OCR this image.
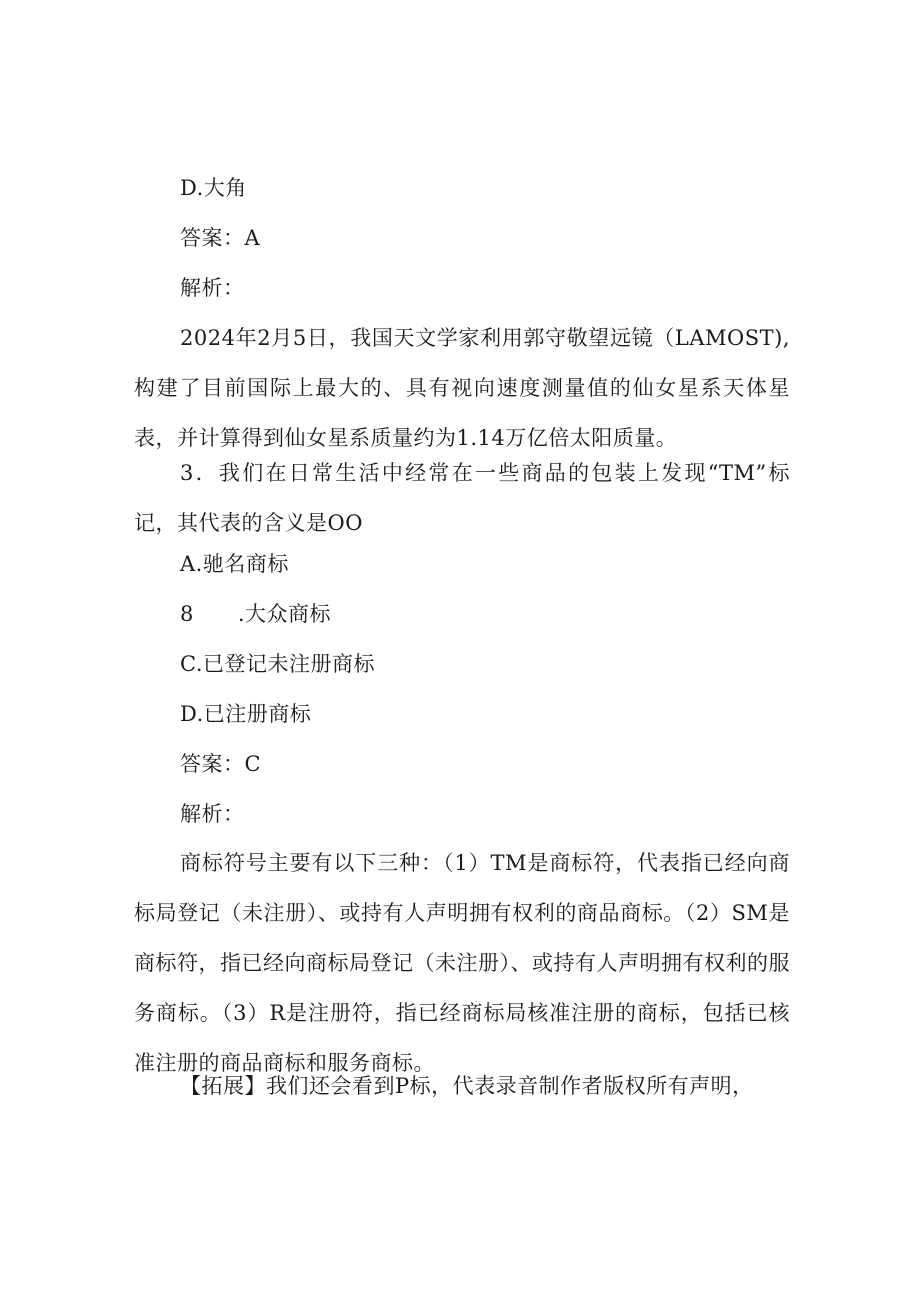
D.大角
答案：A
解析：
2024年2月5日，我国天文学家利用郭守敬望远镜（LAMOST),构建了目前国际上最大的、具有视向速度测量值的仙女星系天体星表，并计算得到仙女星系质量约为1.14万亿倍太阳质量。
3．我们在日常生活中经常在一些商品的包装上发现“TM”标记，其代表的含义是OO
A.驰名商标
8 .大众商标
C.已登记未注册商标
D.已注册商标
答案：C
解析：
商标符号主要有以下三种：（1）TM是商标符，代表指已经向商标局登记（未注册）、或持有人声明拥有权利的商品商标。（2）SM是商标符，指已经向商标局登记（未注册）、或持有人声明拥有权利的服务商标。（3）R是注册符，指已经商标局核准注册的商标，包括已核准注册的商品商标和服务商标。
【拓展】我们还会看到P标，代表录音制作者版权所有声明，
